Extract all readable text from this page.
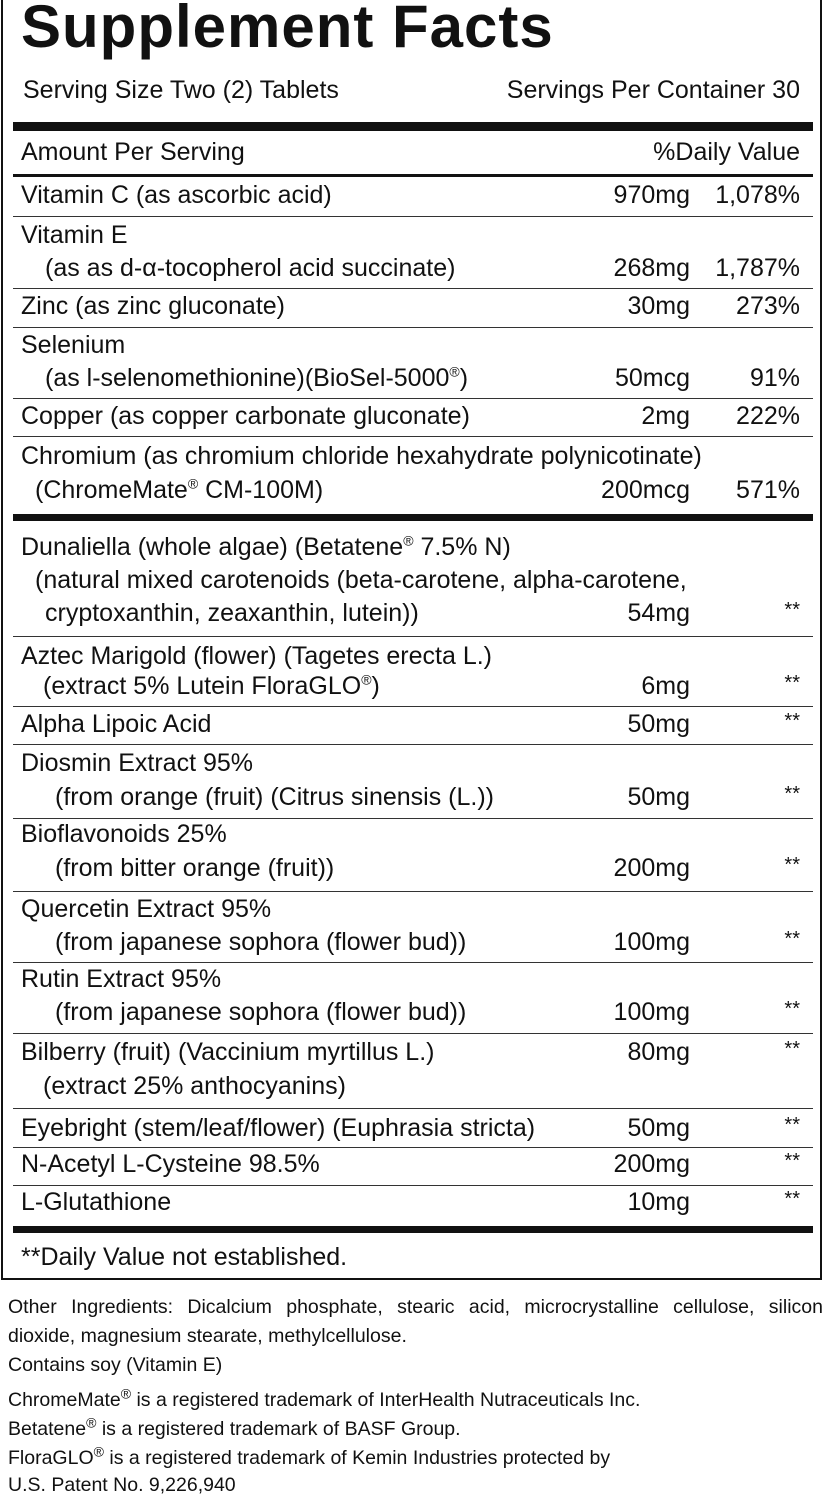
Supplement Facts
Serving Size Two (2) Tablets	Servings Per Container 30
Amount Per Serving	%Daily Value
Vitamin C (as ascorbic acid)	970mg 1,078%
Vitamin E
(as as d-α-tocopherol acid succinate)	268mg 1,787%
Zinc (as zinc gluconate)	30mg 273%
Selenium
(as l-selenomethionine)(BioSel-5000®)	50mcg 91%
Copper (as copper carbonate gluconate)	2mg 222%
Chromium (as chromium chloride hexahydrate polynicotinate)
(ChromeMate® CM-100M)	200mcg 571%
Dunaliella (whole algae) (Betatene® 7.5% N)
(natural mixed carotenoids (beta-carotene, alpha-carotene,
cryptoxanthin, zeaxanthin, lutein))	54mg	**
Aztec Marigold (flower) (Tagetes erecta L.)
(extract 5% Lutein FloraGLO®)	6mg	**
Alpha Lipoic Acid	50mg	**
Diosmin Extract 95%
(from orange (fruit) (Citrus sinensis (L.))	50mg	**
Bioflavonoids 25%
(from bitter orange (fruit))	200mg	**
Quercetin Extract 95%
(from japanese sophora (flower bud))	100mg	**
Rutin Extract 95%
(from japanese sophora (flower bud))	100mg	**
Bilberry (fruit) (Vaccinium myrtillus L.)	80mg	**
(extract 25% anthocyanins)
Eyebright (stem/leaf/flower) (Euphrasia stricta)	50mg	**
N-Acetyl L-Cysteine 98.5%	200mg	**
L-Glutathione	10mg	**
**Daily Value not established.
Other Ingredients: Dicalcium phosphate, stearic acid, microcrystalline cellulose, silicon dioxide, magnesium stearate, methylcellulose.
Contains soy (Vitamin E)
ChromeMate® is a registered trademark of InterHealth Nutraceuticals Inc.
Betatene® is a registered trademark of BASF Group.
FloraGLO® is a registered trademark of Kemin Industries protected by
U.S. Patent No. 9,226,940
